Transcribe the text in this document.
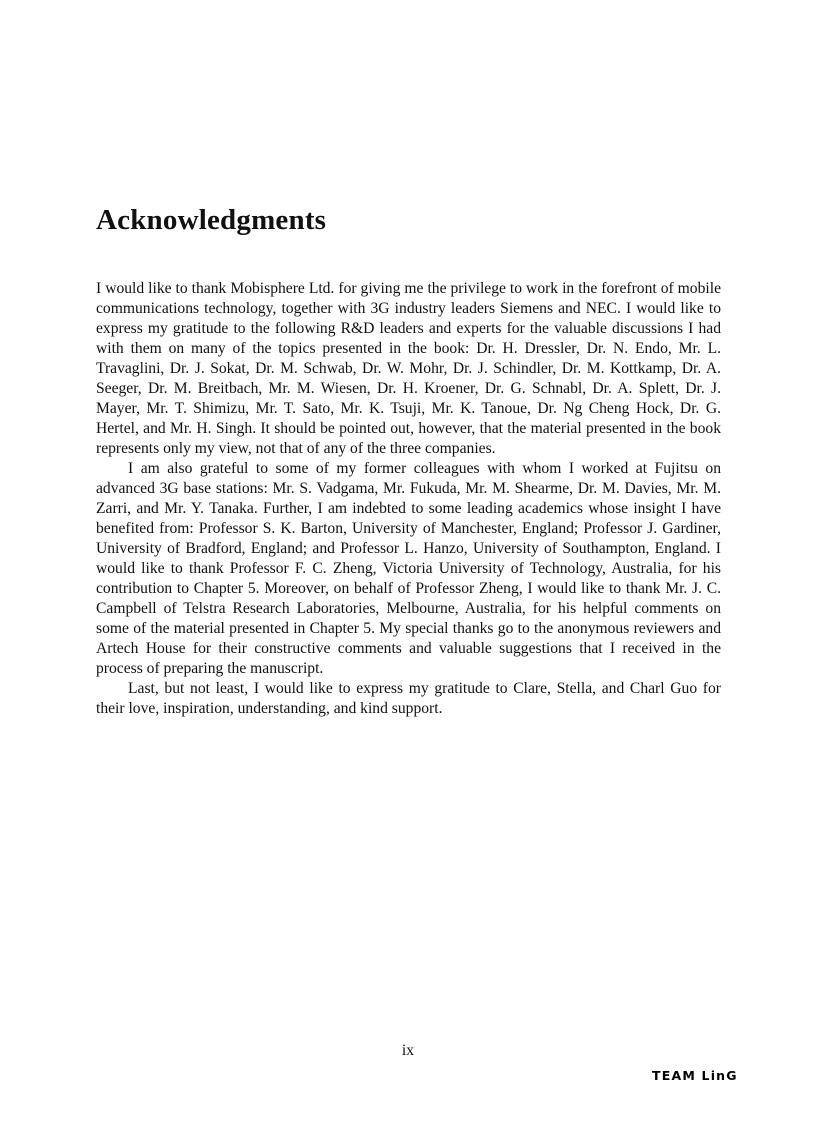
Acknowledgments

I would like to thank Mobisphere Ltd. for giving me the privilege to work in the forefront of mobile communications technology, together with 3G industry leaders Siemens and NEC. I would like to express my gratitude to the following R&D leaders and experts for the valuable discussions I had with them on many of the topics presented in the book: Dr. H. Dressler, Dr. N. Endo, Mr. L. Travaglini, Dr. J. Sokat, Dr. M. Schwab, Dr. W. Mohr, Dr. J. Schindler, Dr. M. Kottkamp, Dr. A. Seeger, Dr. M. Breitbach, Mr. M. Wiesen, Dr. H. Kroener, Dr. G. Schnabl, Dr. A. Splett, Dr. J. Mayer, Mr. T. Shimizu, Mr. T. Sato, Mr. K. Tsuji, Mr. K. Tanoue, Dr. Ng Cheng Hock, Dr. G. Hertel, and Mr. H. Singh. It should be pointed out, however, that the material presented in the book represents only my view, not that of any of the three companies.

I am also grateful to some of my former colleagues with whom I worked at Fujitsu on advanced 3G base stations: Mr. S. Vadgama, Mr. Fukuda, Mr. M. Shearme, Dr. M. Davies, Mr. M. Zarri, and Mr. Y. Tanaka. Further, I am indebted to some leading academics whose insight I have benefited from: Professor S. K. Barton, University of Manchester, England; Professor J. Gardiner, University of Bradford, England; and Professor L. Hanzo, University of Southampton, England. I would like to thank Professor F. C. Zheng, Victoria University of Technology, Australia, for his contribution to Chapter 5. Moreover, on behalf of Professor Zheng, I would like to thank Mr. J. C. Campbell of Telstra Research Laboratories, Melbourne, Australia, for his helpful comments on some of the material presented in Chapter 5. My special thanks go to the anonymous reviewers and Artech House for their constructive comments and valuable suggestions that I received in the process of preparing the manuscript.

Last, but not least, I would like to express my gratitude to Clare, Stella, and Charl Guo for their love, inspiration, understanding, and kind support.

ix
TEAM LinG
